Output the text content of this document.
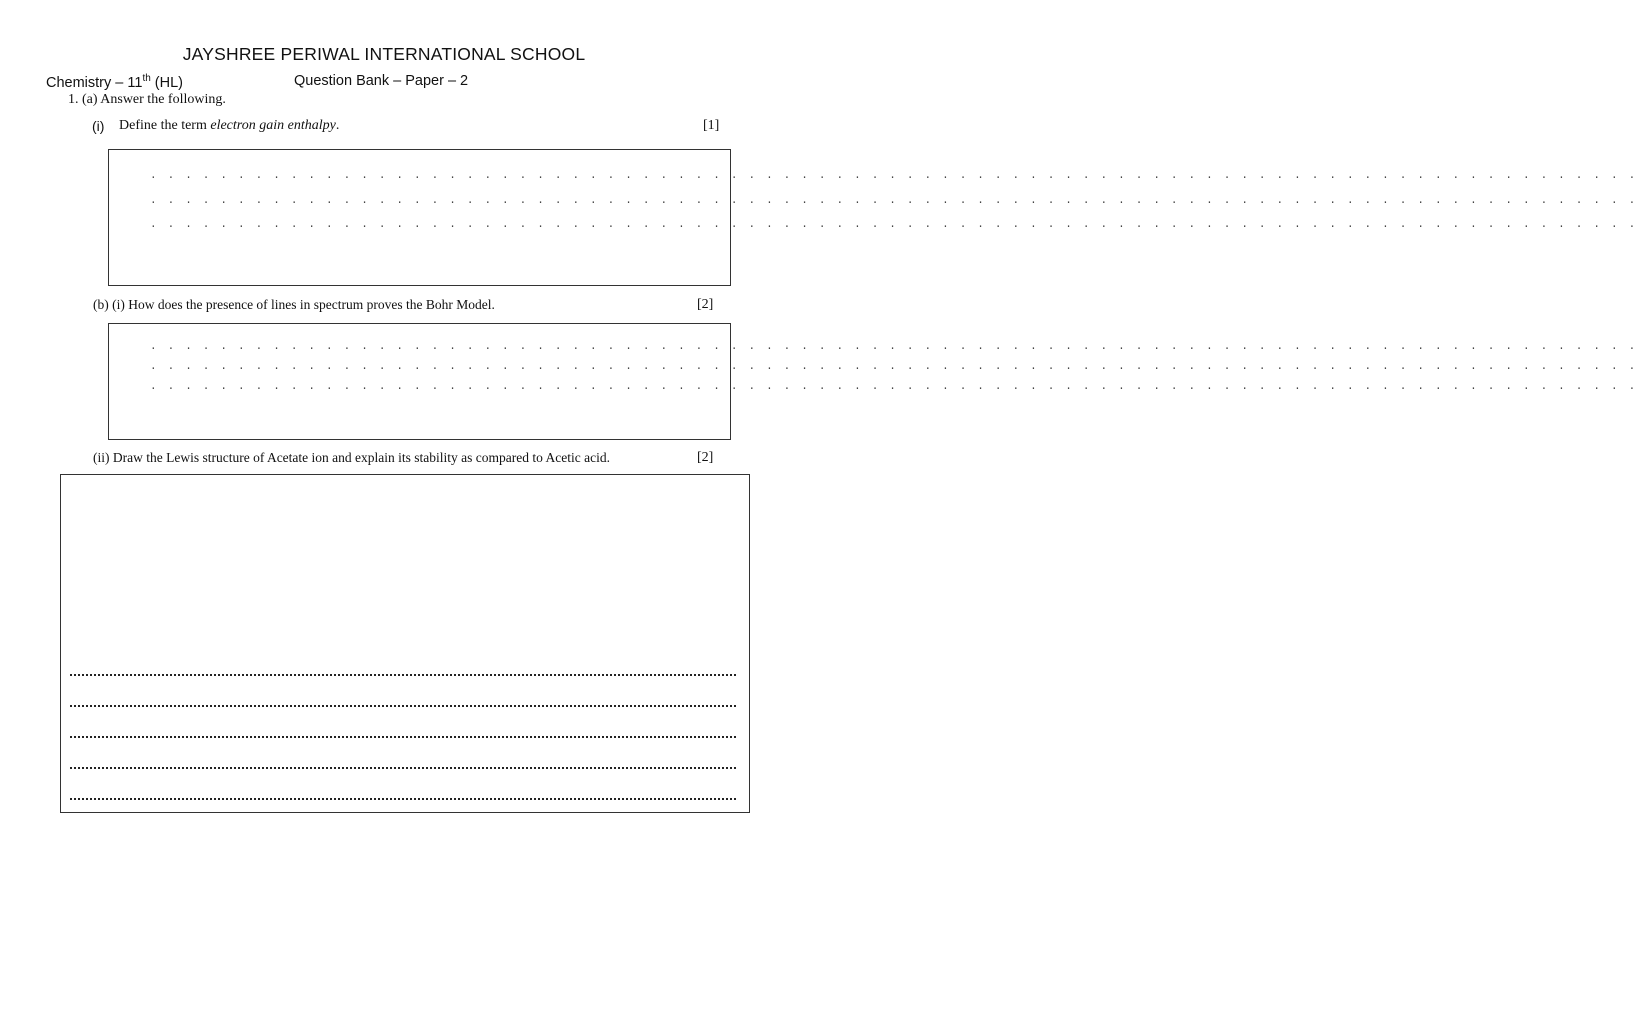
JAYSHREE PERIWAL INTERNATIONAL SCHOOL
Chemistry – 11th (HL)	Question Bank – Paper – 2
1. (a) Answer the following.
(i) Define the term electron gain enthalpy.	[1]
. . . . . . . . . . . . . . . . . . . . . . . . . . . . . . . . . . . . . . . . . . . . . . . . . . . . . . . . . . . . . . . . . . . . . . . . . . . . . . . . . . . . .
. . . . . . . . . . . . . . . . . . . . . . . . . . . . . . . . . . . . . . . . . . . . . . . . . . . . . . . . . . . . . . . . . . . . . . . . . . . . . . . . . . . . .
. . . . . . . . . . . . . . . . . . . . . . . . . . . . . . . . . . . . . . . . . . . . . . . . . . . . . . . . . . . . . . . . . . . . . . . . . . . . . . . . . . . . .
(b) (i) How does the presence of lines in spectrum proves the Bohr Model.	[2]
. . . . . . . . . . . . . . . . . . . . . . . . . . . . . . . . . . . . . . . . . . . . . . . . . . . . . . . . . . . . . . . . . . . . . . . . . . . . . . . . . . . . .
. . . . . . . . . . . . . . . . . . . . . . . . . . . . . . . . . . . . . . . . . . . . . . . . . . . . . . . . . . . . . . . . . . . . . . . . . . . . . . . . . . . . .
. . . . . . . . . . . . . . . . . . . . . . . . . . . . . . . . . . . . . . . . . . . . . . . . . . . . . . . . . . . . . . . . . . . . . . . . . . . . . . . . . . . . .
(ii) Draw the Lewis structure of Acetate ion and explain its stability as compared to Acetic acid.	[2]
